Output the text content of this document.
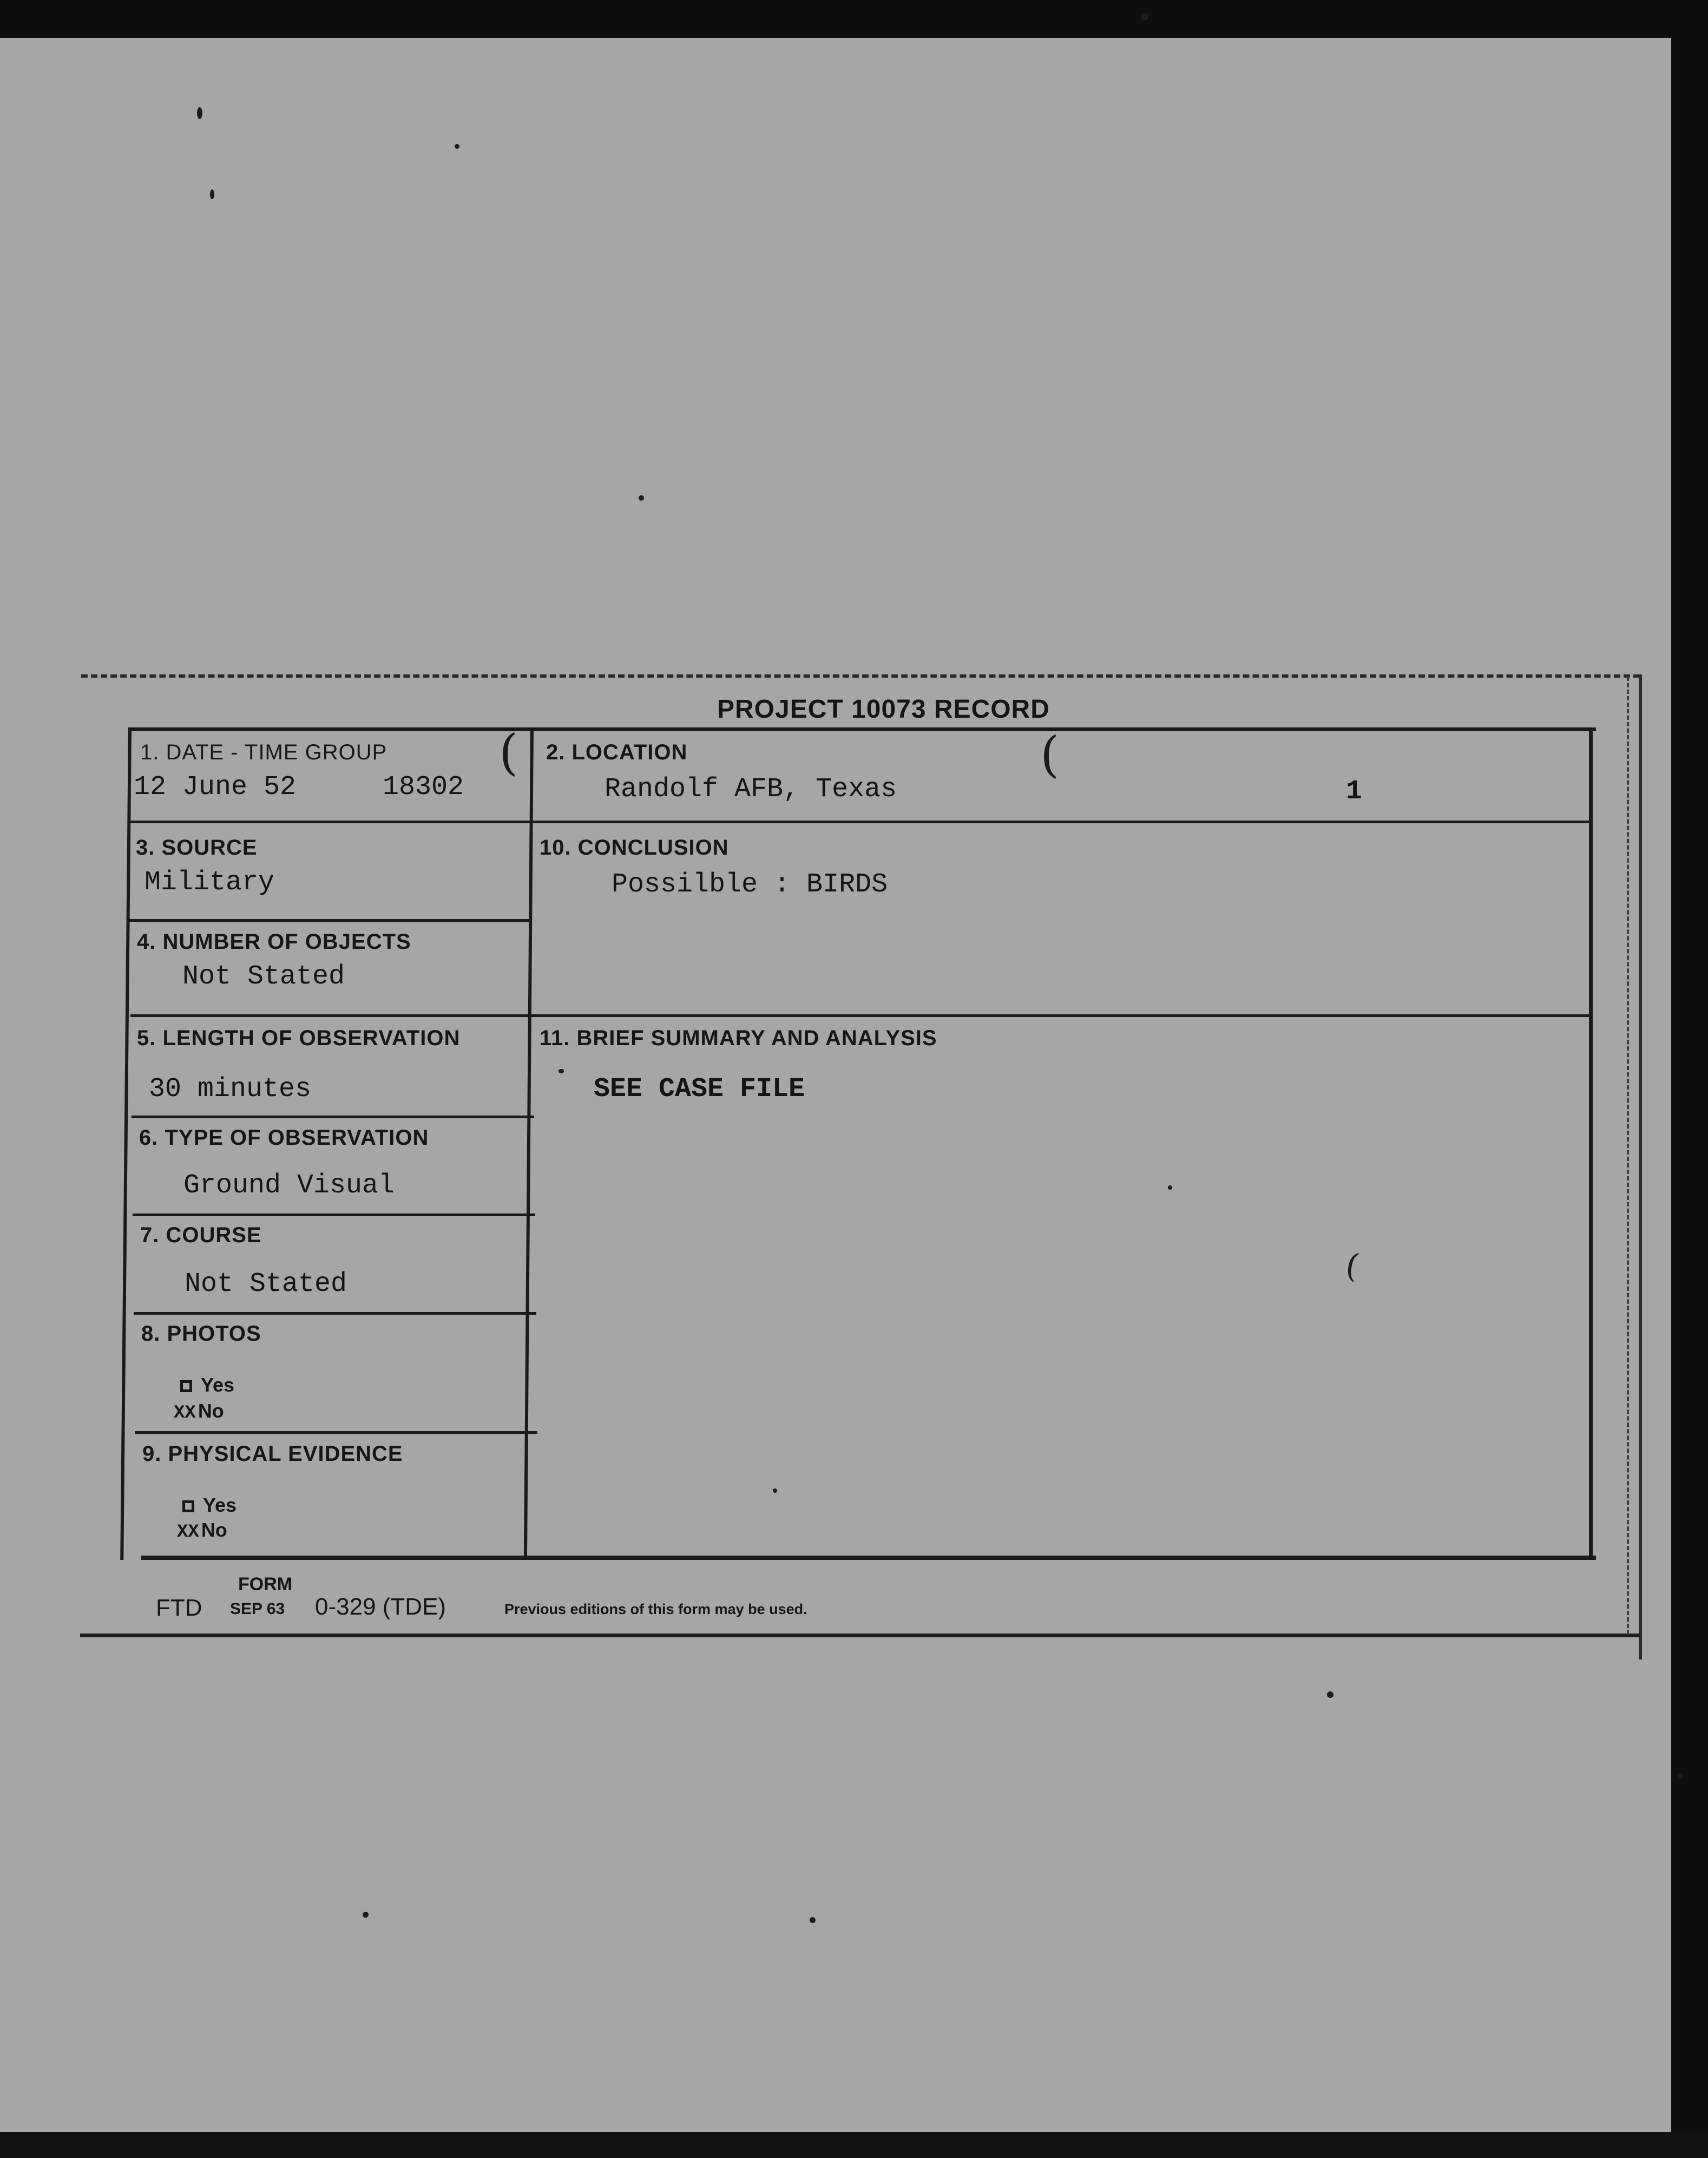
PROJECT 10073 RECORD
1. DATE - TIME GROUP
12 June 52	18302
( 2. LOCATION
Randolf AFB, Texas
(
1
3. SOURCE
Military
10. CONCLUSION
Possilble : BIRDS
4. NUMBER OF OBJECTS
Not Stated
5. LENGTH OF OBSERVATION
30 minutes
11. BRIEF SUMMARY AND ANALYSIS
SEE CASE FILE
6. TYPE OF OBSERVATION
Ground Visual
7. COURSE
Not Stated
8. PHOTOS
Yes
XX No
9. PHYSICAL EVIDENCE
Yes
XX No
(
FORM
FTD SEP 63 0-329 (TDE)	Previous editions of this form may be used.
